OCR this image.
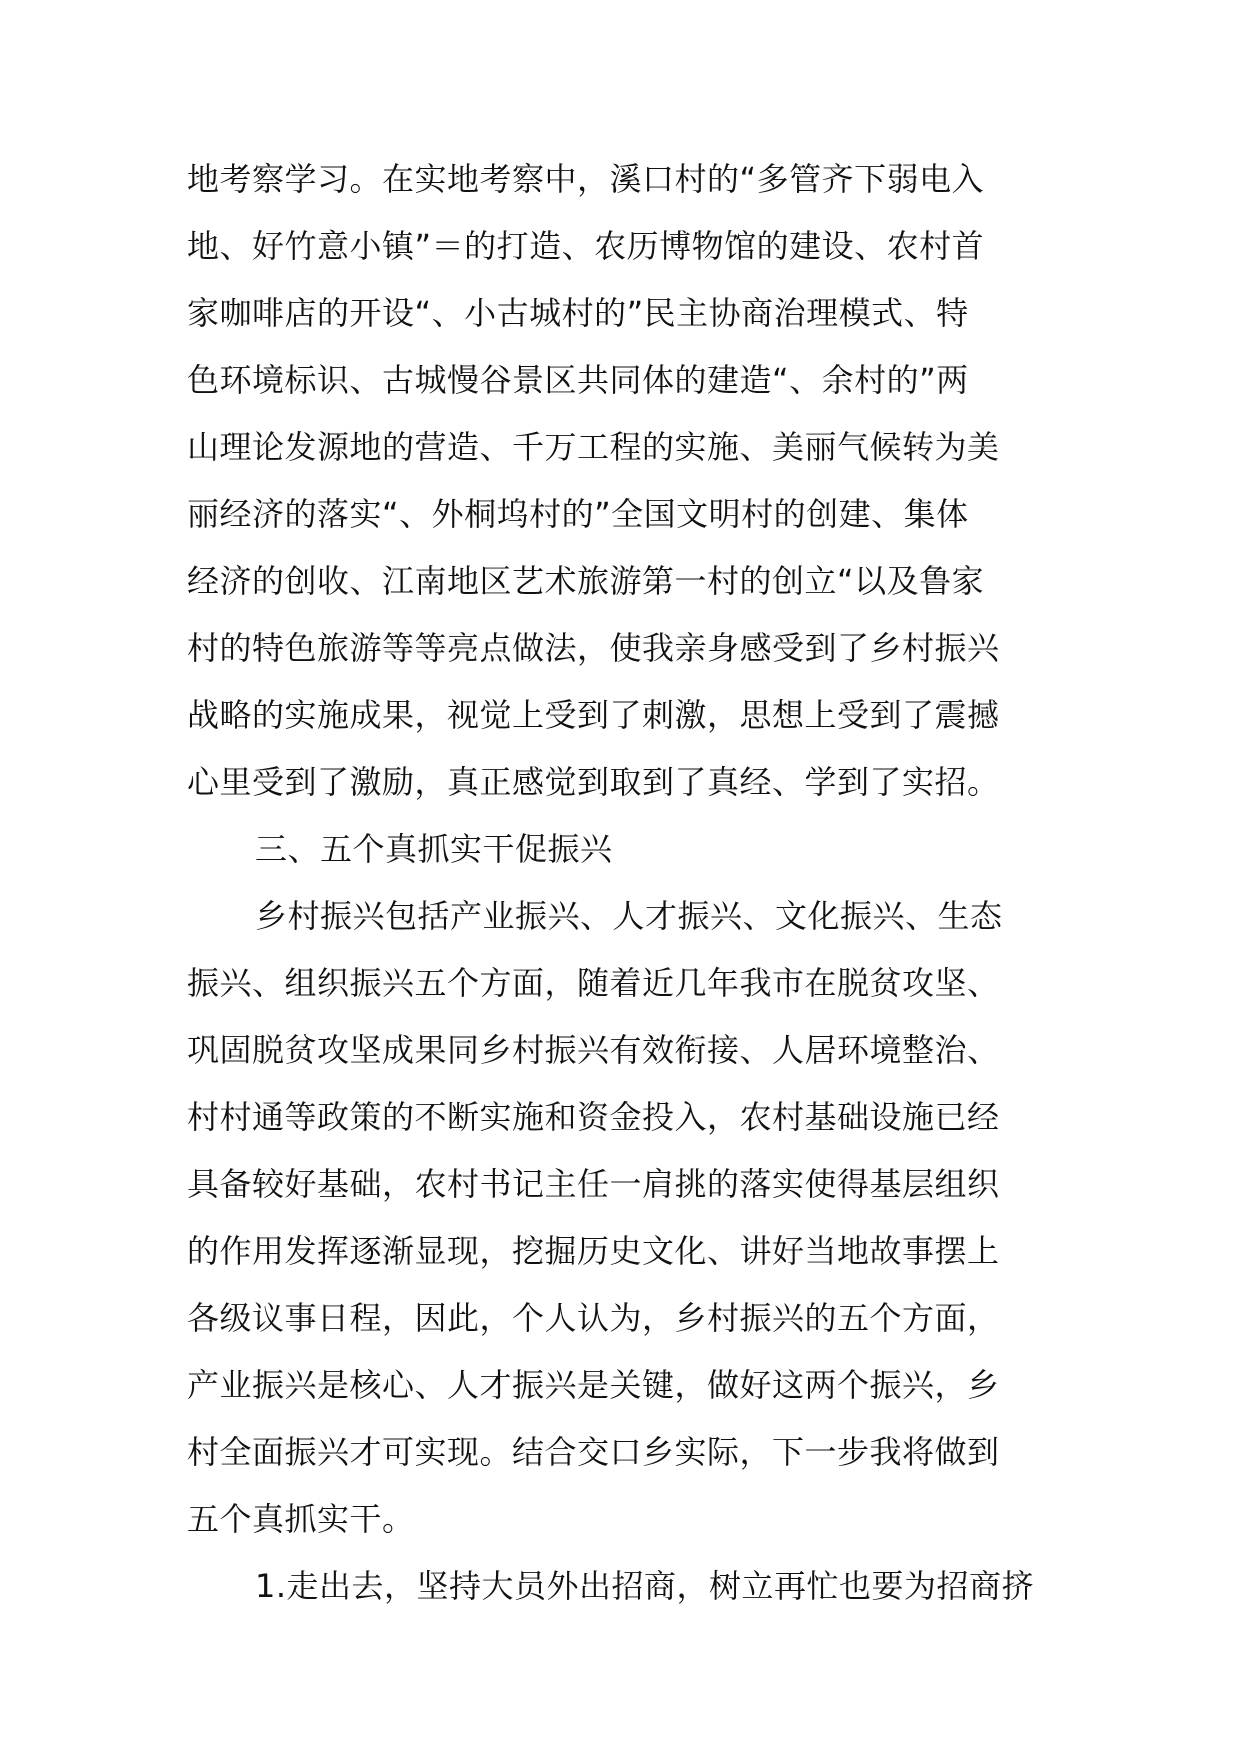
地考察学习。在实地考察中，溪口村的“多管齐下弱电入
地、好竹意小镇”＝的打造、农历博物馆的建设、农村首
家咖啡店的开设“、小古城村的”民主协商治理模式、特
色环境标识、古城慢谷景区共同体的建造“、余村的”两
山理论发源地的营造、千万工程的实施、美丽气候转为美
丽经济的落实“、外桐坞村的”全国文明村的创建、集体
经济的创收、江南地区艺术旅游第一村的创立“以及鲁家
村的特色旅游等等亮点做法，使我亲身感受到了乡村振兴
战略的实施成果，视觉上受到了刺激，思想上受到了震撼
心里受到了激励，真正感觉到取到了真经、学到了实招。
三、五个真抓实干促振兴
乡村振兴包括产业振兴、人才振兴、文化振兴、生态
振兴、组织振兴五个方面，随着近几年我市在脱贫攻坚、
巩固脱贫攻坚成果同乡村振兴有效衔接、人居环境整治、
村村通等政策的不断实施和资金投入，农村基础设施已经
具备较好基础，农村书记主任一肩挑的落实使得基层组织
的作用发挥逐渐显现，挖掘历史文化、讲好当地故事摆上
各级议事日程，因此，个人认为，乡村振兴的五个方面，
产业振兴是核心、人才振兴是关键，做好这两个振兴，乡
村全面振兴才可实现。结合交口乡实际，下一步我将做到
五个真抓实干。
1.走出去，坚持大员外出招商，树立再忙也要为招商挤
